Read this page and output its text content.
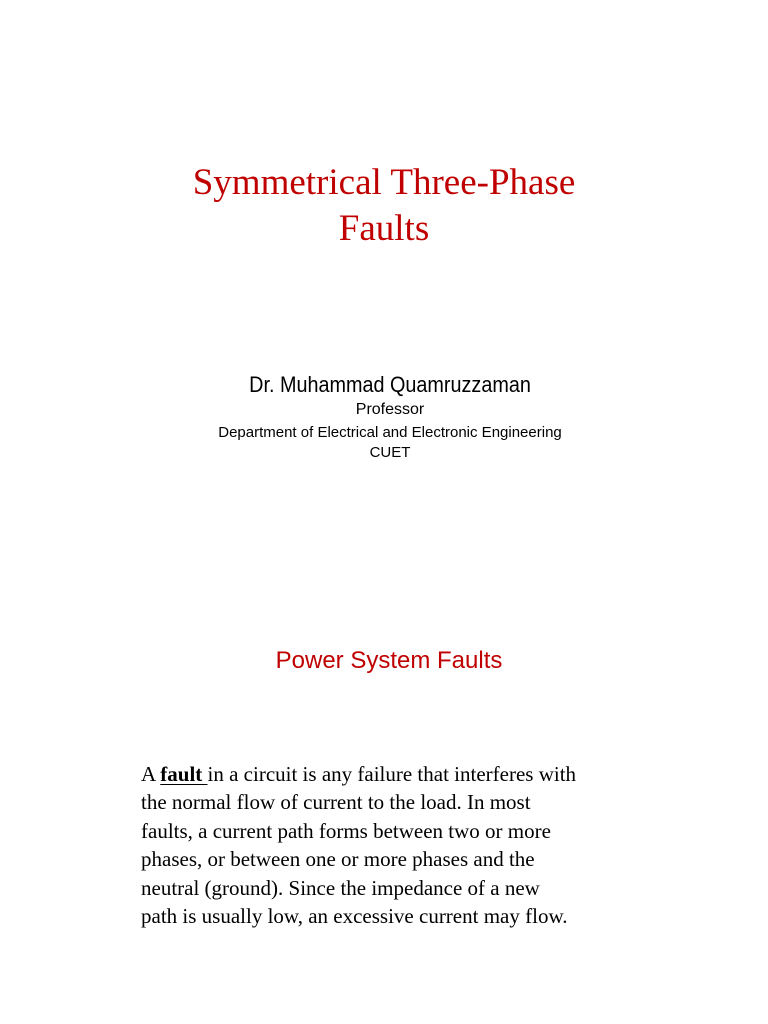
Symmetrical Three-Phase
Faults
Dr. Muhammad Quamruzzaman
Professor
Department of Electrical and Electronic Engineering
CUET
Power System Faults
A fault in a circuit is any failure that interferes with
the normal flow of current to the load. In most
faults, a current path forms between two or more
phases, or between one or more phases and the
neutral (ground). Since the impedance of a new
path is usually low, an excessive current may flow.
